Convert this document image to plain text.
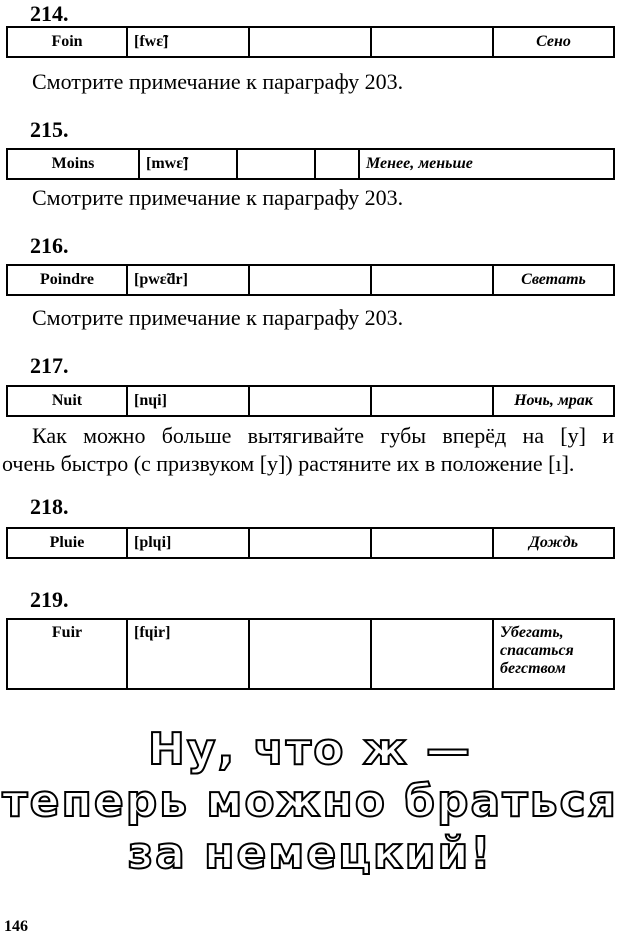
214.
Foin	[fwɛ̃]			Сено
Смотрите примечание к параграфу 203.
215.
Moins	[mwɛ̃]			Менее, меньше
Смотрите примечание к параграфу 203.
216.
Poindre	[pwɛ̃dr]			Светать
Смотрите примечание к параграфу 203.
217.
Nuit	[nɥi]			Ночь, мрак
Как можно больше вытягивайте губы вперёд на [у] и
очень быстро (с призвуком [у]) растяните их в положение [ı].
218.
Pluie	[plɥi]			Дождь
219.
Fuir	[fɥir]			Убегать,
спасаться
бегством
Ну, что ж —
теперь можно браться
за немецкий!
146
